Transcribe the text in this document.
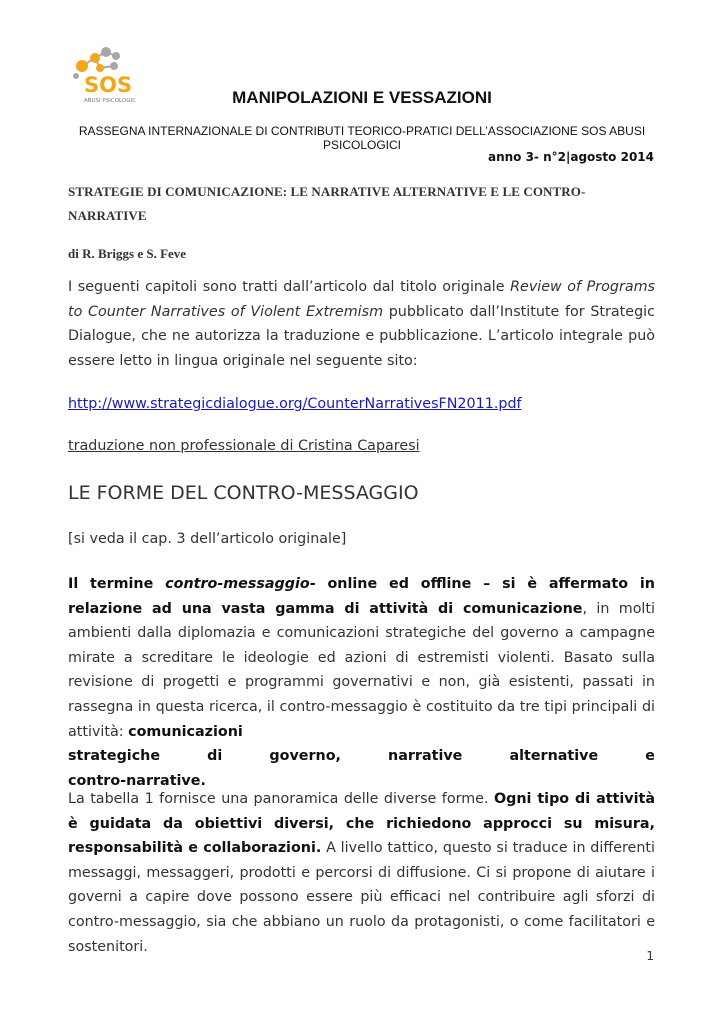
SOS
ABUSI PSICOLOGICI	MANIPOLAZIONI E VESSAZIONI
RASSEGNA INTERNAZIONALE DI CONTRIBUTI TEORICO-PRATICI DELL’ASSOCIAZIONE SOS ABUSI PSICOLOGICI
anno 3- n°2|agosto 2014
STRATEGIE DI COMUNICAZIONE: LE NARRATIVE ALTERNATIVE E LE CONTRO-NARRATIVE
di R. Briggs e S. Feve
I seguenti capitoli sono tratti dall’articolo dal titolo originale Review of Programs to Counter Narratives of Violent Extremism pubblicato dall’Institute for Strategic Dialogue, che ne autorizza la traduzione e pubblicazione. L’articolo integrale può essere letto in lingua originale nel seguente sito:
http://www.strategicdialogue.org/CounterNarrativesFN2011.pdf
traduzione non professionale di Cristina Caparesi
LE FORME DEL CONTRO-MESSAGGIO
[si veda il cap. 3 dell’articolo originale]
Il termine contro-messaggio- online ed offline – si è affermato in relazione ad una vasta gamma di attività di comunicazione, in molti ambienti dalla diplomazia e comunicazioni strategiche del governo a campagne mirate a screditare le ideologie ed azioni di estremisti violenti. Basato sulla revisione di progetti e programmi governativi e non, già esistenti, passati in rassegna in questa ricerca, il contro-messaggio è costituito da tre tipi principali di attività: comunicazioni
strategiche	di	governo,	narrative	alternative	e
contro-narrative.
La tabella 1 fornisce una panoramica delle diverse forme. Ogni tipo di attività è guidata da obiettivi diversi, che richiedono approcci su misura, responsabilità e collaborazioni. A livello tattico, questo si traduce in differenti messaggi, messaggeri, prodotti e percorsi di diffusione. Ci si propone di aiutare i governi a capire dove possono essere più efficaci nel contribuire agli sforzi di contro-messaggio, sia che abbiano un ruolo da protagonisti, o come facilitatori e sostenitori.
1
